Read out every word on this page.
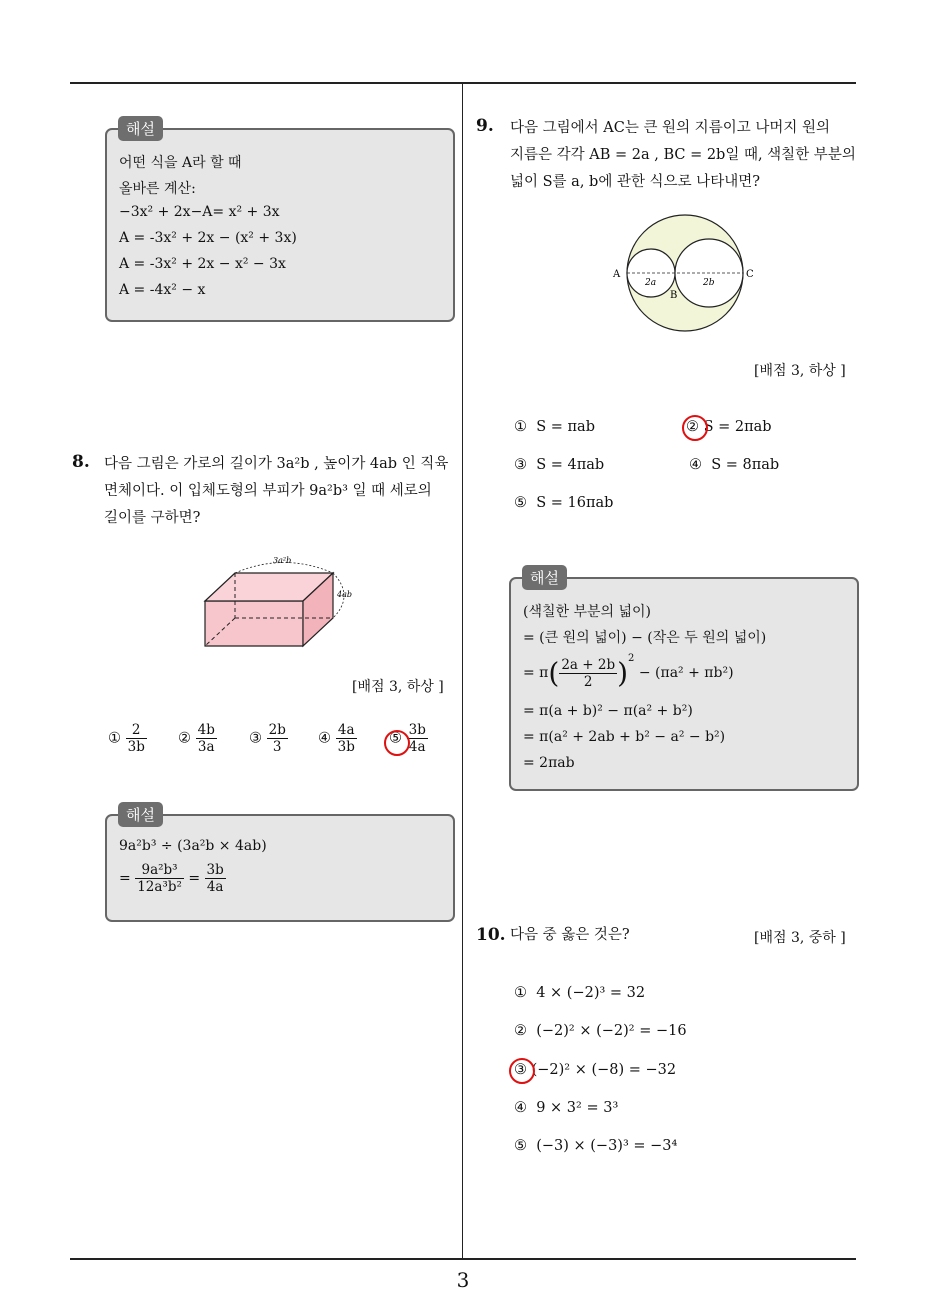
어떤 식을 A라 할 때
올바른 계산:
−3x² + 2x−A= x² + 3x
A = -3x² + 2x − (x² + 3x)
A = -3x² + 2x − x² − 3x
A = -4x² − x
해설
8. 다음 그림은 가로의 길이가 3a²b , 높이가 4ab 인 직육
면체이다. 이 입체도형의 부피가 9a²b³ 일 때 세로의
길이를 구하면?
3a²b
4ab
[배점 3, 하상 ]
① $\frac{2}{3b}$ ② $\frac{4b}{3a}$ ③ $\frac{2b}{3}$ ④ $\frac{4a}{3b}$ ⑤ $\frac{3b}{4a}$
9a²b³ ÷ (3a²b × 4ab)
= $\frac{\text{9a²b³}}{\text{12a³b²}} = \frac{3b}{4a}$
해설
9. 다음 그림에서 AC는 큰 원의 지름이고 나머지 원의
지름은 각각 AB = 2a , BC = 2b일 때, 색칠한 부분의
넓이 S를 a, b에 관한 식으로 나타내면?
A
B
C
2a	2b
[배점 3, 하상 ]
① S = πab	② S = 2πab
③ S = 4πab	④ S = 8πab
⑤ S = 16πab
(색칠한 부분의 넓이)
= (큰 원의 넓이) − (작은 두 원의 넓이)
= $\pi( \frac{2a + 2b}{2} )^2 - (\pi a^2 + \pi b^2)$
= π(a + b)² − π(a² + b²)
= π(a² + 2ab + b² − a² − b²)
= 2πab
해설
10. 다음 중 옳은 것은?	[배점 3, 중하 ]
① 4 × (−2)³ = 32
② (−2)² × (−2)² = −16
③ (−2)² × (−8) = −32
④ 9 × 3² = 3³
⑤ (−3) × (−3)³ = −3⁴
3
